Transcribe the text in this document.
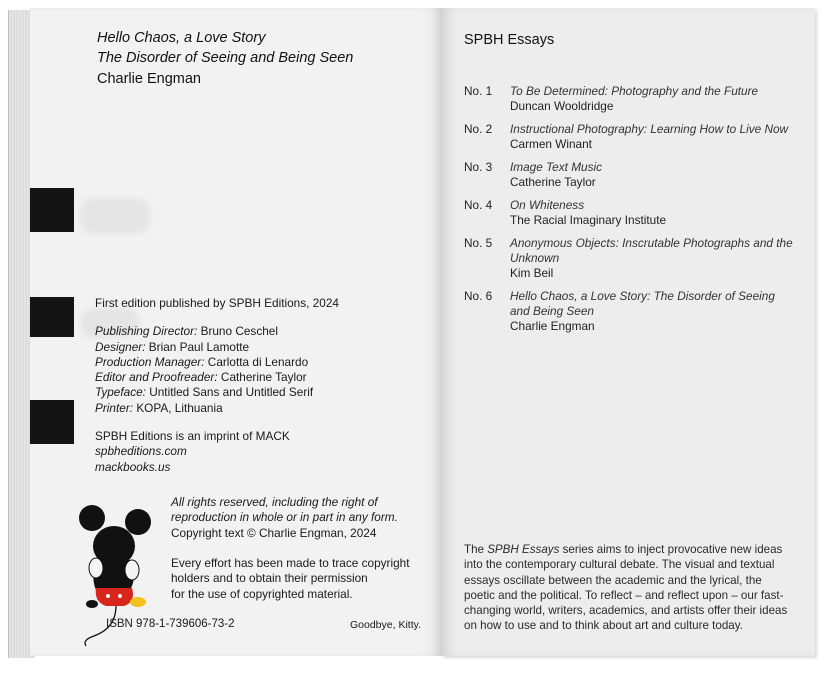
Hello Chaos, a Love Story
The Disorder of Seeing and Being Seen
Charlie Engman
First edition published by SPBH Editions, 2024
Publishing Director: Bruno Ceschel
Designer: Brian Paul Lamotte
Production Manager: Carlotta di Lenardo
Editor and Proofreader: Catherine Taylor
Typeface: Untitled Sans and Untitled Serif
Printer: KOPA, Lithuania
SPBH Editions is an imprint of MACK
spbheditions.com
mackbooks.us
All rights reserved, including the right of
reproduction in whole or in part in any form.
Copyright text © Charlie Engman, 2024
Every effort has been made to trace copyright
holders and to obtain their permission
for the use of copyrighted material.
ISBN 978-1-739606-73-2	Goodbye, Kitty.
SPBH Essays
No. 1	To Be Determined: Photography and the Future
Duncan Wooldridge
No. 2	Instructional Photography: Learning How to Live Now
Carmen Winant
No. 3	Image Text Music
Catherine Taylor
No. 4	On Whiteness
The Racial Imaginary Institute
No. 5	Anonymous Objects: Inscrutable Photographs and the Unknown
Kim Beil
No. 6	Hello Chaos, a Love Story: The Disorder of Seeing and Being Seen
Charlie Engman
The SPBH Essays series aims to inject provocative new ideas into the contemporary cultural debate. The visual and textual essays oscillate between the academic and the lyrical, the poetic and the political. To reflect – and reflect upon – our fast-changing world, writers, academics, and artists offer their ideas on how to use and to think about art and culture today.
